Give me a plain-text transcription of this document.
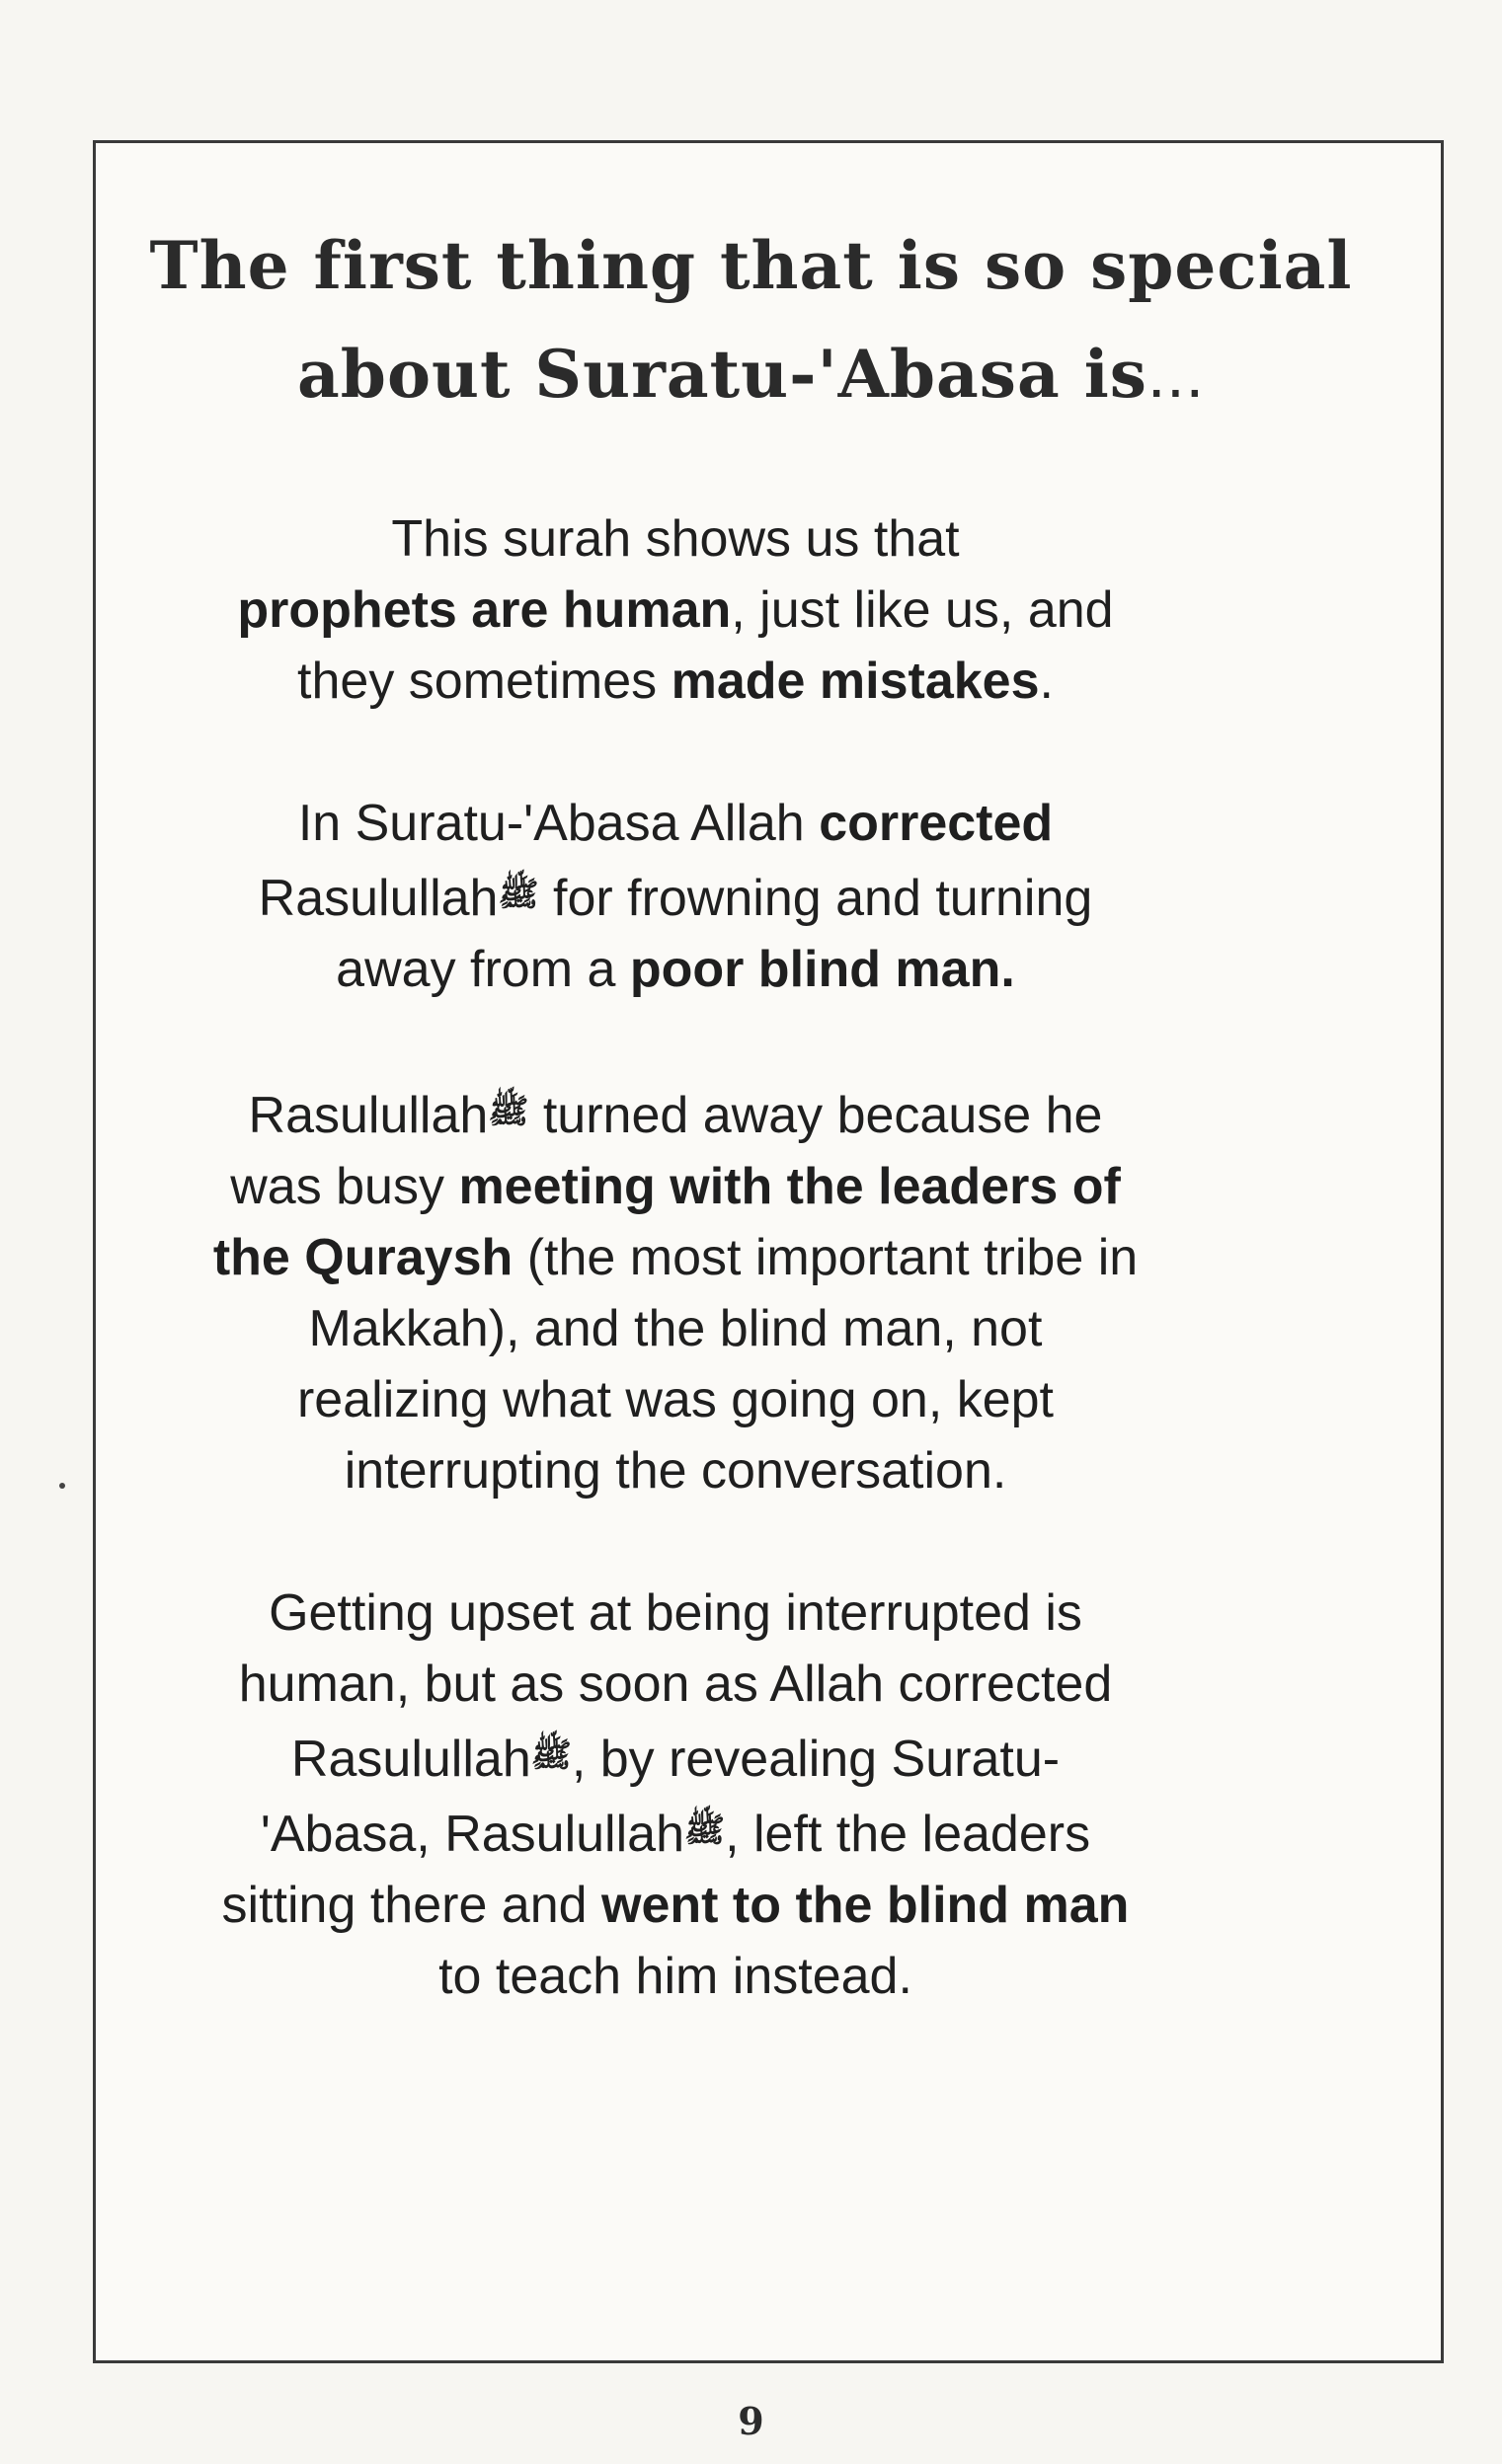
The first thing that is so special
about Suratu-'Abasa is...

This surah shows us that
prophets are human, just like us, and
they sometimes made mistakes.

In Suratu-'Abasa Allah corrected
Rasulullahﷺ for frowning and turning
away from a poor blind man.

Rasulullahﷺ turned away because he
was busy meeting with the leaders of
the Quraysh (the most important tribe in
Makkah), and the blind man, not
realizing what was going on, kept
interrupting the conversation.

Getting upset at being interrupted is
human, but as soon as Allah corrected
Rasulullahﷺ, by revealing Suratu-
'Abasa, Rasulullahﷺ, left the leaders
sitting there and went to the blind man
to teach him instead.

9
